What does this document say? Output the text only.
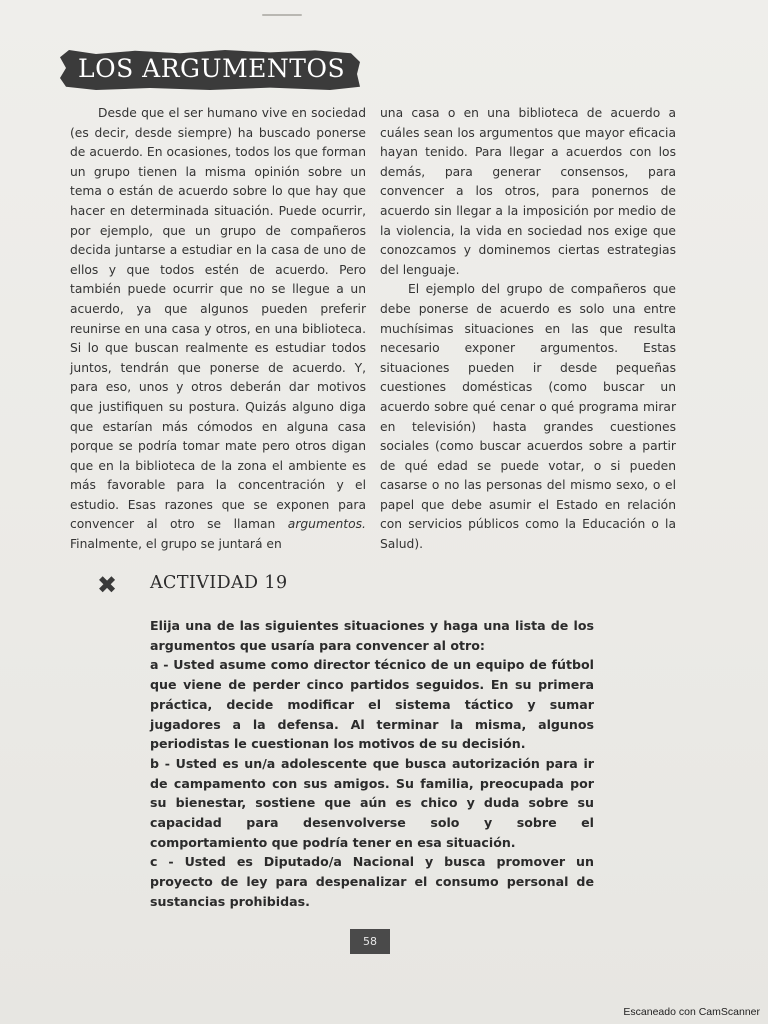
LOS ARGUMENTOS

Desde que el ser humano vive en sociedad (es decir, desde siempre) ha buscado ponerse de acuerdo. En ocasiones, todos los que forman un grupo tienen la misma opinión sobre un tema o están de acuerdo sobre lo que hay que hacer en determinada situación. Puede ocurrir, por ejemplo, que un grupo de compañeros decida juntarse a estudiar en la casa de uno de ellos y que todos estén de acuerdo. Pero también puede ocurrir que no se llegue a un acuerdo, ya que algunos pueden preferir reunirse en una casa y otros, en una biblioteca. Si lo que buscan realmente es estudiar todos juntos, tendrán que ponerse de acuerdo. Y, para eso, unos y otros deberán dar motivos que justifiquen su postura. Quizás alguno diga que estarían más cómodos en alguna casa porque se podría tomar mate pero otros digan que en la biblioteca de la zona el ambiente es más favorable para la concentración y el estudio. Esas razones que se exponen para convencer al otro se llaman argumentos. Finalmente, el grupo se juntará en

una casa o en una biblioteca de acuerdo a cuáles sean los argumentos que mayor eficacia hayan tenido. Para llegar a acuerdos con los demás, para generar consensos, para convencer a los otros, para ponernos de acuerdo sin llegar a la imposición por medio de la violencia, la vida en sociedad nos exige que conozcamos y dominemos ciertas estrategias del lenguaje.

El ejemplo del grupo de compañeros que debe ponerse de acuerdo es solo una entre muchísimas situaciones en las que resulta necesario exponer argumentos. Estas situaciones pueden ir desde pequeñas cuestiones domésticas (como buscar un acuerdo sobre qué cenar o qué programa mirar en televisión) hasta grandes cuestiones sociales (como buscar acuerdos sobre a partir de qué edad se puede votar, o si pueden casarse o no las personas del mismo sexo, o el papel que debe asumir el Estado en relación con servicios públicos como la Educación o la Salud).

✖ ACTIVIDAD 19

Elija una de las siguientes situaciones y haga una lista de los argumentos que usaría para convencer al otro:

a - Usted asume como director técnico de un equipo de fútbol que viene de perder cinco partidos seguidos. En su primera práctica, decide modificar el sistema táctico y sumar jugadores a la defensa. Al terminar la misma, algunos periodistas le cuestionan los motivos de su decisión.

b - Usted es un/a adolescente que busca autorización para ir de campamento con sus amigos. Su familia, preocupada por su bienestar, sostiene que aún es chico y duda sobre su capacidad para desenvolverse solo y sobre el comportamiento que podría tener en esa situación.

c - Usted es Diputado/a Nacional y busca promover un proyecto de ley para despenalizar el consumo personal de sustancias prohibidas.

58
Escaneado con CamScanner
